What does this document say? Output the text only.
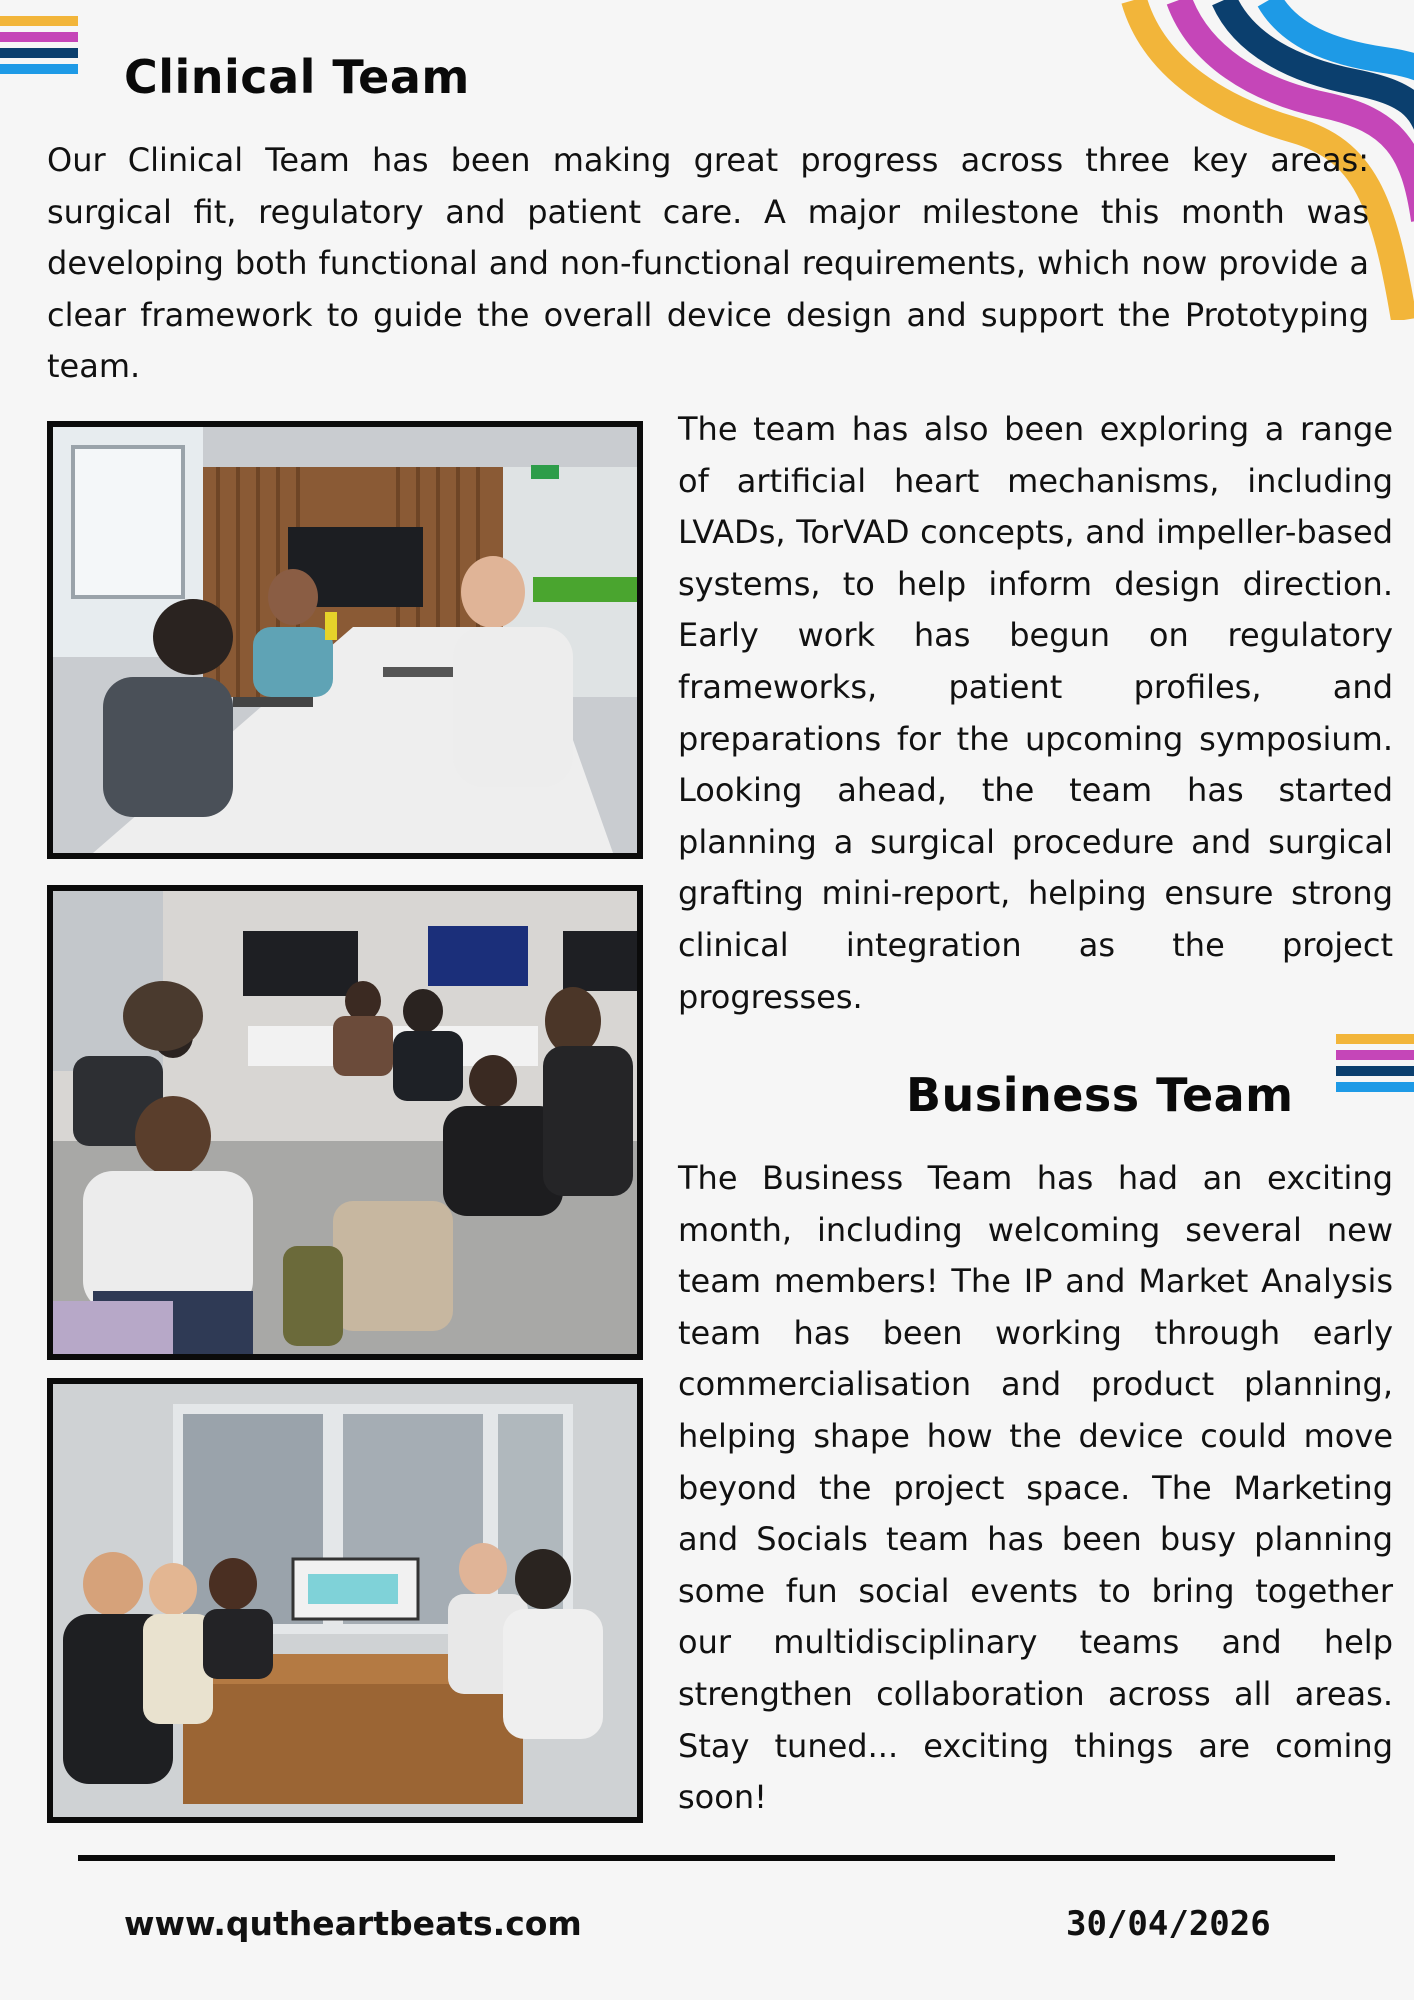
Clinical Team

Our Clinical Team has been making great progress across three key areas: surgical fit, regulatory and patient care. A major milestone this month was developing both functional and non-functional requirements, which now provide a clear framework to guide the overall device design and support the Prototyping team.

The team has also been exploring a range of artificial heart mechanisms, including LVADs, TorVAD concepts, and impeller-based systems, to help inform design direction. Early work has begun on regulatory frameworks, patient profiles, and preparations for the upcoming symposium. Looking ahead, the team has started planning a surgical procedure and surgical grafting mini-report, helping ensure strong clinical integration as the project progresses.

Business Team

The Business Team has had an exciting month, including welcoming several new team members! The IP and Market Analysis team has been working through early commercialisation and product planning, helping shape how the device could move beyond the project space. The Marketing and Socials team has been busy planning some fun social events to bring together our multidisciplinary teams and help strengthen collaboration across all areas. Stay tuned... exciting things are coming soon!

www.qutheartbeats.com	30/04/2026
